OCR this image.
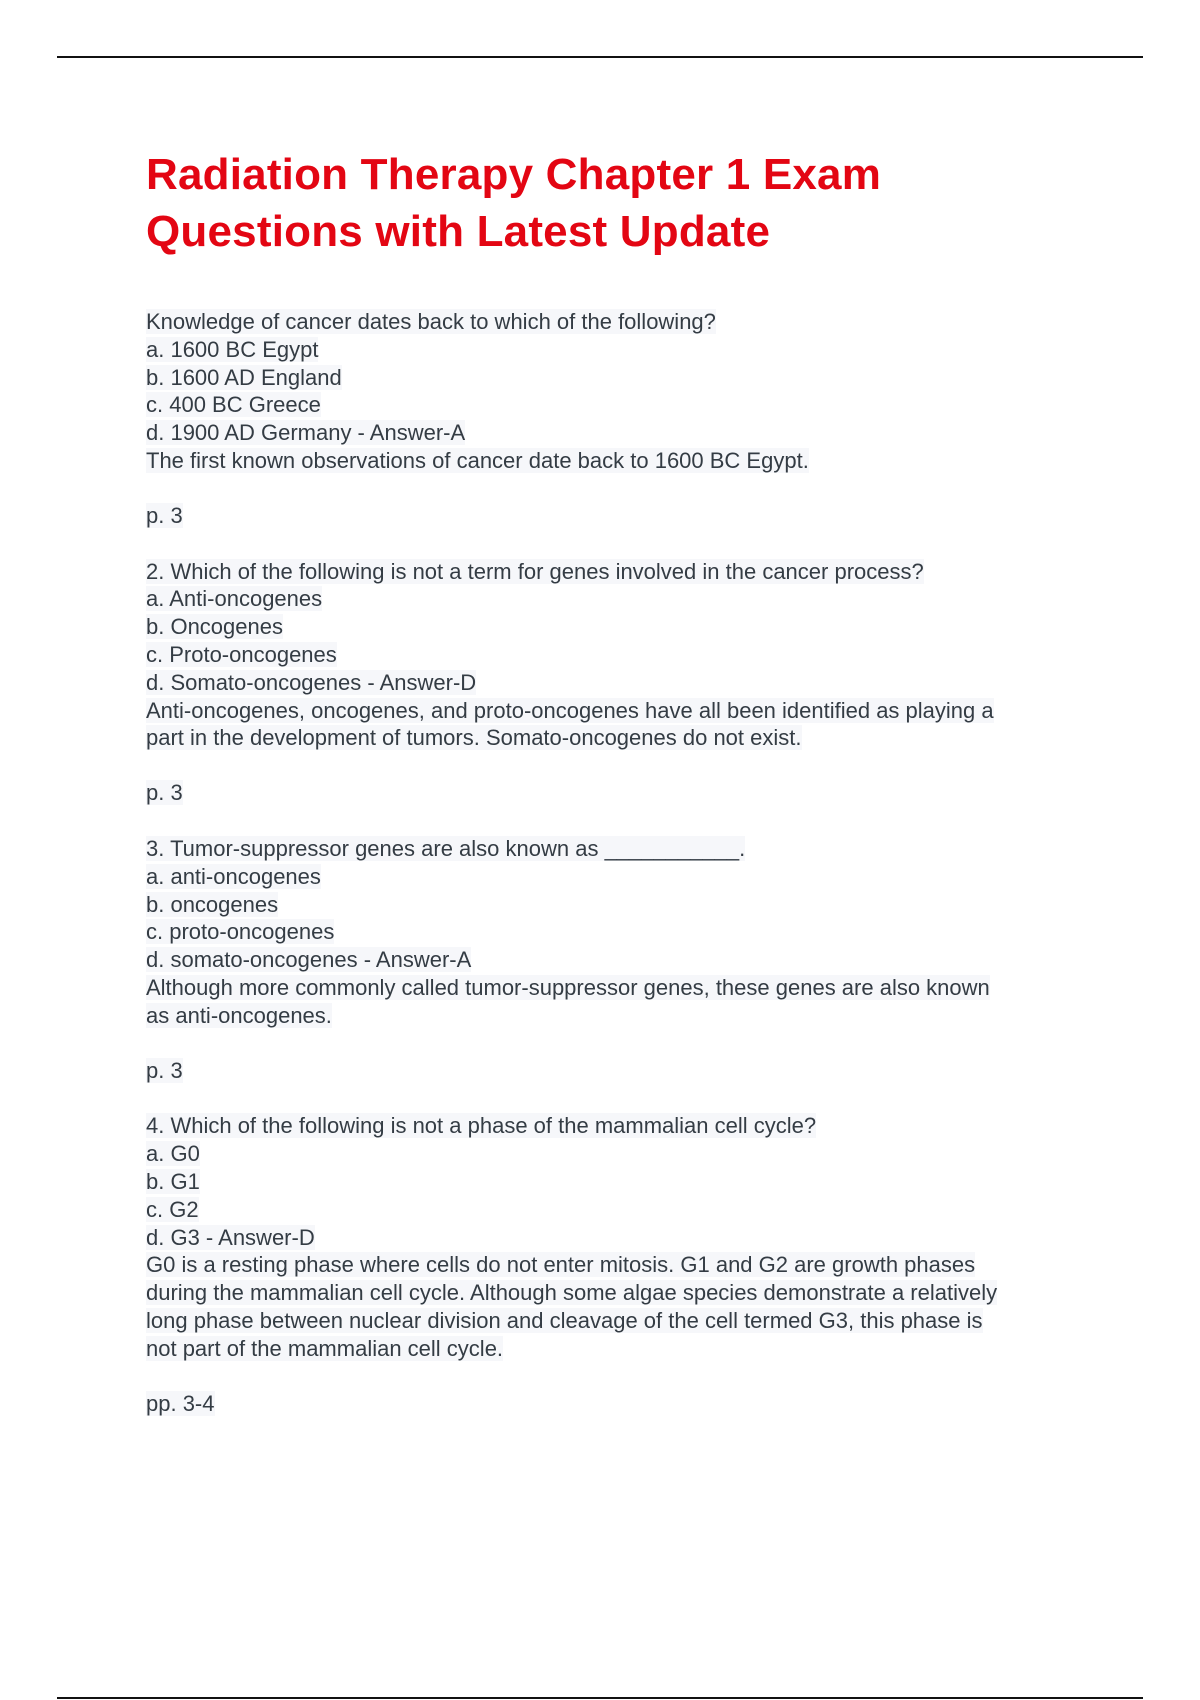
Radiation Therapy Chapter 1 Exam
Questions with Latest Update
Knowledge of cancer dates back to which of the following?
a. 1600 BC Egypt
b. 1600 AD England
c. 400 BC Greece
d. 1900 AD Germany - Answer-A
The first known observations of cancer date back to 1600 BC Egypt.
p. 3
2. Which of the following is not a term for genes involved in the cancer process?
a. Anti-oncogenes
b. Oncogenes
c. Proto-oncogenes
d. Somato-oncogenes - Answer-D
Anti-oncogenes, oncogenes, and proto-oncogenes have all been identified as playing a
part in the development of tumors. Somato-oncogenes do not exist.
p. 3
3. Tumor-suppressor genes are also known as ___________.
a. anti-oncogenes
b. oncogenes
c. proto-oncogenes
d. somato-oncogenes - Answer-A
Although more commonly called tumor-suppressor genes, these genes are also known
as anti-oncogenes.
p. 3
4. Which of the following is not a phase of the mammalian cell cycle?
a. G0
b. G1
c. G2
d. G3 - Answer-D
G0 is a resting phase where cells do not enter mitosis. G1 and G2 are growth phases
during the mammalian cell cycle. Although some algae species demonstrate a relatively
long phase between nuclear division and cleavage of the cell termed G3, this phase is
not part of the mammalian cell cycle.
pp. 3-4
